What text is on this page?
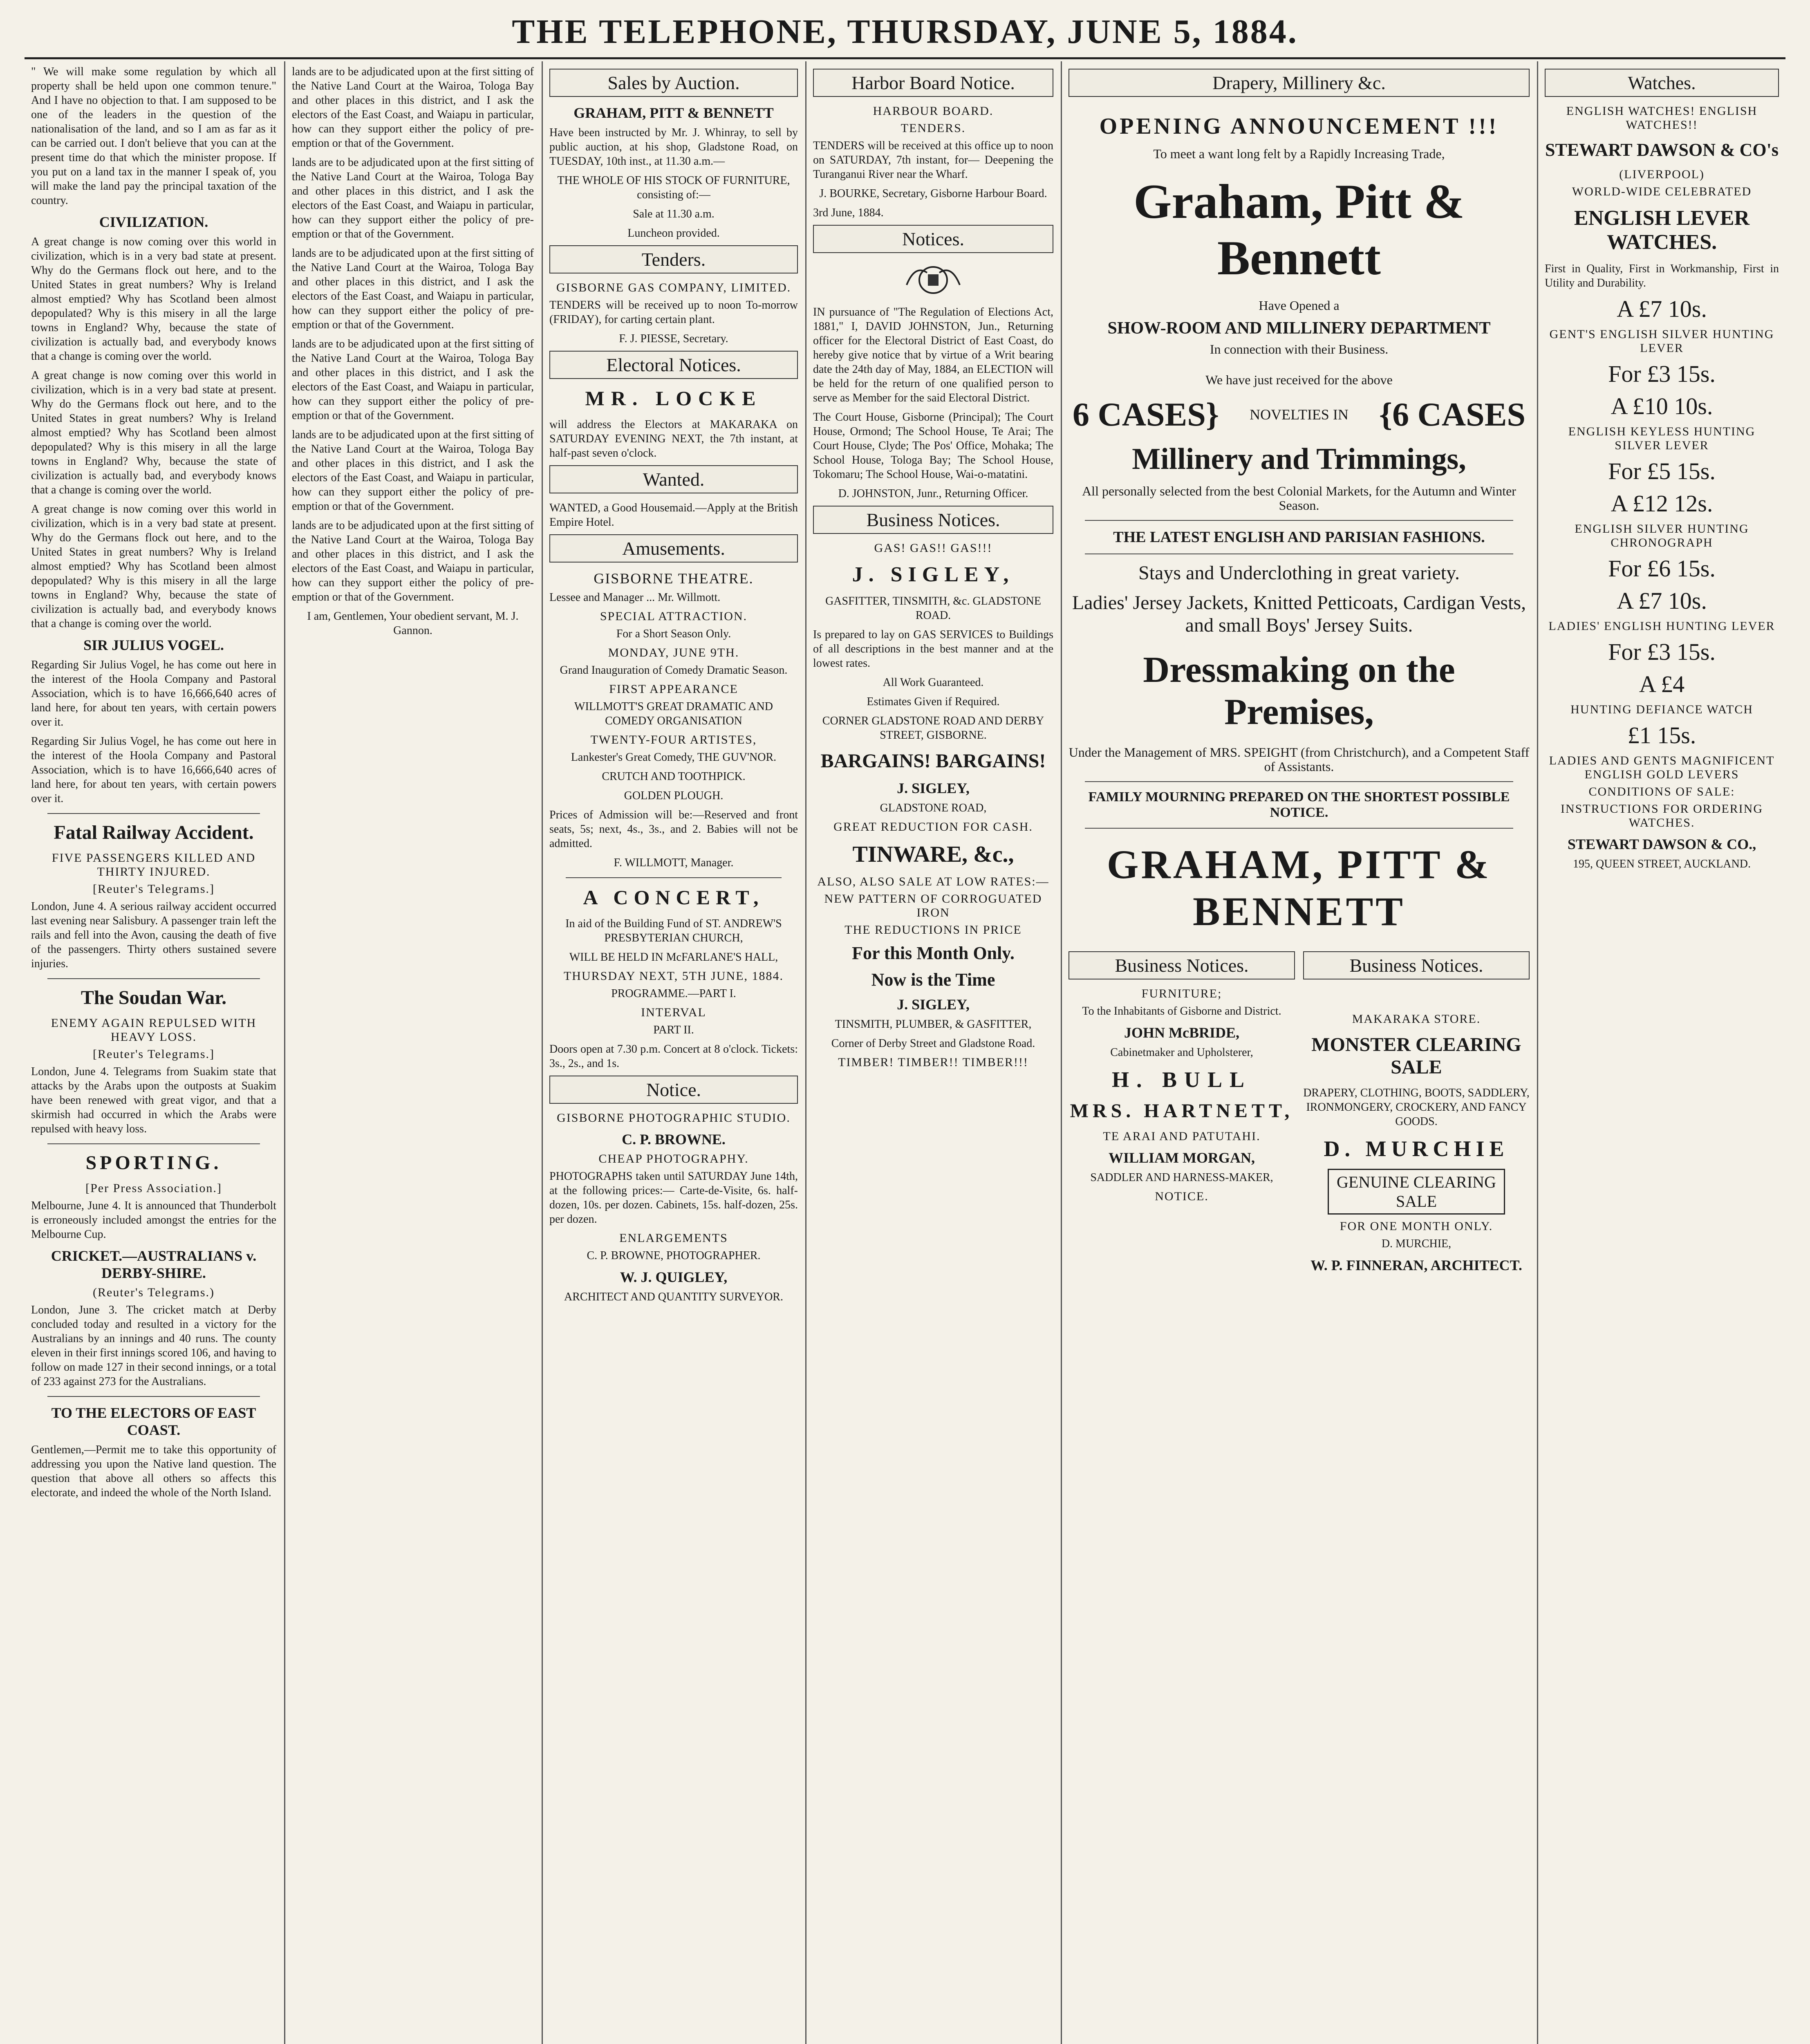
THE TELEPHONE, THURSDAY, JUNE 5, 1884.

" We will make some regulation by which all property shall be held upon one common tenure." And I have no objection to that. I am supposed to be one of the leaders in the question of the nationalisation of the land, and so I am as far as it can be carried out. I don't believe that you can at the present time do that which the minister propose. If you put on a land tax in the manner I speak of, you will make the land pay the principal taxation of the country.

CIVILIZATION.

A great change is now coming over this world in civilization, which is in a very bad state at present. Why do the Germans flock out here, and to the United States in great numbers? Why is Ireland almost emptied? Why has Scotland been almost depopulated? Why is this misery in all the large towns in England? Why, because the state of civilization is actually bad, and everybody knows that a change is coming over the world.

A great change is now coming over this world in civilization, which is in a very bad state at present. Why do the Germans flock out here, and to the United States in great numbers? Why is Ireland almost emptied? Why has Scotland been almost depopulated? Why is this misery in all the large towns in England? Why, because the state of civilization is actually bad, and everybody knows that a change is coming over the world.

A great change is now coming over this world in civilization, which is in a very bad state at present. Why do the Germans flock out here, and to the United States in great numbers? Why is Ireland almost emptied? Why has Scotland been almost depopulated? Why is this misery in all the large towns in England? Why, because the state of civilization is actually bad, and everybody knows that a change is coming over the world.

SIR JULIUS VOGEL.

Regarding Sir Julius Vogel, he has come out here in the interest of the Hoola Company and Pastoral Association, which is to have 16,666,640 acres of land here, for about ten years, with certain powers over it.

Regarding Sir Julius Vogel, he has come out here in the interest of the Hoola Company and Pastoral Association, which is to have 16,666,640 acres of land here, for about ten years, with certain powers over it.

Fatal Railway Accident.
FIVE PASSENGERS KILLED AND THIRTY INJURED.
[Reuter's Telegrams.]

London, June 4. A serious railway accident occurred last evening near Salisbury. A passenger train left the rails and fell into the Avon, causing the death of five of the passengers. Thirty others sustained severe injuries.

The Soudan War.
ENEMY AGAIN REPULSED WITH HEAVY LOSS.
[Reuter's Telegrams.]

London, June 4. Telegrams from Suakim state that attacks by the Arabs upon the outposts at Suakim have been renewed with great vigor, and that a skirmish had occurred in which the Arabs were repulsed with heavy loss.

SPORTING.
[Per Press Association.]

Melbourne, June 4. It is announced that Thunderbolt is erroneously included amongst the entries for the Melbourne Cup.

CRICKET.—AUSTRALIANS v. DERBY-SHIRE.
(Reuter's Telegrams.)

London, June 3. The cricket match at Derby concluded today and resulted in a victory for the Australians by an innings and 40 runs. The county eleven in their first innings scored 106, and having to follow on made 127 in their second innings, or a total of 233 against 273 for the Australians.

TO THE ELECTORS OF EAST COAST.

Gentlemen,—Permit me to take this opportunity of addressing you upon the Native land question. The question that above all others so affects this electorate, and indeed the whole of the North Island.

lands are to be adjudicated upon at the first sitting of the Native Land Court at the Wairoa, Tologa Bay and other places in this district, and I ask the electors of the East Coast, and Waiapu in particular, how can they support either the policy of pre-emption or that of the Government.

lands are to be adjudicated upon at the first sitting of the Native Land Court at the Wairoa, Tologa Bay and other places in this district, and I ask the electors of the East Coast, and Waiapu in particular, how can they support either the policy of pre-emption or that of the Government.

lands are to be adjudicated upon at the first sitting of the Native Land Court at the Wairoa, Tologa Bay and other places in this district, and I ask the electors of the East Coast, and Waiapu in particular, how can they support either the policy of pre-emption or that of the Government.

lands are to be adjudicated upon at the first sitting of the Native Land Court at the Wairoa, Tologa Bay and other places in this district, and I ask the electors of the East Coast, and Waiapu in particular, how can they support either the policy of pre-emption or that of the Government.

lands are to be adjudicated upon at the first sitting of the Native Land Court at the Wairoa, Tologa Bay and other places in this district, and I ask the electors of the East Coast, and Waiapu in particular, how can they support either the policy of pre-emption or that of the Government.

lands are to be adjudicated upon at the first sitting of the Native Land Court at the Wairoa, Tologa Bay and other places in this district, and I ask the electors of the East Coast, and Waiapu in particular, how can they support either the policy of pre-emption or that of the Government.

I am, Gentlemen, Your obedient servant, M. J. Gannon.

Sales by Auction.
GRAHAM, PITT & BENNETT

Have been instructed by Mr. J. Whinray, to sell by public auction, at his shop, Gladstone Road, on TUESDAY, 10th inst., at 11.30 a.m.—

THE WHOLE OF HIS STOCK OF FURNITURE, consisting of:—

Sale at 11.30 a.m.

Luncheon provided.

Tenders.
GISBORNE GAS COMPANY, LIMITED.

TENDERS will be received up to noon To-morrow (FRIDAY), for carting certain plant.

F. J. PIESSE, Secretary.

Electoral Notices.
MR. LOCKE

will address the Electors at MAKARAKA on SATURDAY EVENING NEXT, the 7th instant, at half-past seven o'clock.

Wanted.

WANTED, a Good Housemaid.—Apply at the British Empire Hotel.

Amusements.
GISBORNE THEATRE.

Lessee and Manager ... Mr. Willmott.

SPECIAL ATTRACTION.

For a Short Season Only.

MONDAY, JUNE 9TH.

Grand Inauguration of Comedy Dramatic Season.

FIRST APPEARANCE

WILLMOTT'S GREAT DRAMATIC AND COMEDY ORGANISATION

TWENTY-FOUR ARTISTES,

Lankester's Great Comedy, THE GUV'NOR.

CRUTCH AND TOOTHPICK.

GOLDEN PLOUGH.

Prices of Admission will be:—Reserved and front seats, 5s; next, 4s., 3s., and 2. Babies will not be admitted.

F. WILLMOTT, Manager.

A CONCERT,

In aid of the Building Fund of ST. ANDREW'S PRESBYTERIAN CHURCH,

WILL BE HELD IN McFARLANE'S HALL,

THURSDAY NEXT, 5TH JUNE, 1884.

PROGRAMME.—PART I.

INTERVAL

PART II.

Doors open at 7.30 p.m. Concert at 8 o'clock. Tickets: 3s., 2s., and 1s.

Notice.
GISBORNE PHOTOGRAPHIC STUDIO.
C. P. BROWNE.
CHEAP PHOTOGRAPHY.

PHOTOGRAPHS taken until SATURDAY June 14th, at the following prices:— Carte-de-Visite, 6s. half-dozen, 10s. per dozen. Cabinets, 15s. half-dozen, 25s. per dozen.

ENLARGEMENTS

C. P. BROWNE, PHOTOGRAPHER.

W. J. QUIGLEY,

ARCHITECT AND QUANTITY SURVEYOR.

Harbor Board Notice.
HARBOUR BOARD.
TENDERS.

TENDERS will be received at this office up to noon on SATURDAY, 7th instant, for— Deepening the Turanganui River near the Wharf.

J. BOURKE, Secretary, Gisborne Harbour Board.

3rd June, 1884.

Notices.

IN pursuance of "The Regulation of Elections Act, 1881," I, DAVID JOHNSTON, Jun., Returning officer for the Electoral District of East Coast, do hereby give notice that by virtue of a Writ bearing date the 24th day of May, 1884, an ELECTION will be held for the return of one qualified person to serve as Member for the said Electoral District.

The Court House, Gisborne (Principal); The Court House, Ormond; The School House, Te Arai; The Court House, Clyde; The Pos' Office, Mohaka; The School House, Tologa Bay; The School House, Tokomaru; The School House, Wai-o-matatini.

D. JOHNSTON, Junr., Returning Officer.

Business Notices.
GAS! GAS!! GAS!!!
J. SIGLEY,

GASFITTER, TINSMITH, &c. GLADSTONE ROAD.

Is prepared to lay on GAS SERVICES to Buildings of all descriptions in the best manner and at the lowest rates.

All Work Guaranteed.

Estimates Given if Required.

CORNER GLADSTONE ROAD AND DERBY STREET, GISBORNE.

BARGAINS! BARGAINS!
J. SIGLEY,

GLADSTONE ROAD,

GREAT REDUCTION FOR CASH.
TINWARE, &c.,
ALSO, ALSO SALE AT LOW RATES:—
NEW PATTERN OF CORROGUATED IRON
THE REDUCTIONS IN PRICE
For this Month Only.
Now is the Time
J. SIGLEY,

TINSMITH, PLUMBER, & GASFITTER,

Corner of Derby Street and Gladstone Road.

TIMBER! TIMBER!! TIMBER!!!
Drapery, Millinery &c.
OPENING ANNOUNCEMENT !!!

To meet a want long felt by a Rapidly Increasing Trade,

Graham, Pitt & Bennett

Have Opened a

SHOW-ROOM AND MILLINERY DEPARTMENT

In connection with their Business.

We have just received for the above

6 CASES} NOVELTIES IN {6 CASES
Millinery and Trimmings,

All personally selected from the best Colonial Markets, for the Autumn and Winter Season.

THE LATEST ENGLISH AND PARISIAN FASHIONS.
Stays and Underclothing in great variety.
Ladies' Jersey Jackets, Knitted Petticoats, Cardigan Vests, and small Boys' Jersey Suits.
Dressmaking on the Premises,

Under the Management of MRS. SPEIGHT (from Christchurch), and a Competent Staff of Assistants.

FAMILY MOURNING PREPARED ON THE SHORTEST POSSIBLE NOTICE.
GRAHAM, PITT & BENNETT
Business Notices.
FURNITURE;

To the Inhabitants of Gisborne and District.

JOHN McBRIDE,

Cabinetmaker and Upholsterer,

H. BULL
MRS. HARTNETT,
TE ARAI AND PATUTAHI.
WILLIAM MORGAN,

SADDLER AND HARNESS-MAKER,

NOTICE.
Business Notices.
MAKARAKA STORE.
MONSTER CLEARING SALE

DRAPERY, CLOTHING, BOOTS, SADDLERY, IRONMONGERY, CROCKERY, AND FANCY GOODS.

D. MURCHIE
GENUINE CLEARING SALE
FOR ONE MONTH ONLY.

D. MURCHIE,

W. P. FINNERAN, ARCHITECT.
Watches.
ENGLISH WATCHES! ENGLISH WATCHES!!
STEWART DAWSON & CO's
(LIVERPOOL)
WORLD-WIDE CELEBRATED
ENGLISH LEVER WATCHES.

First in Quality, First in Workmanship, First in Utility and Durability.

A £7 10s.
GENT'S ENGLISH SILVER HUNTING LEVER
For £3 15s.
A £10 10s.
ENGLISH KEYLESS HUNTING SILVER LEVER
For £5 15s.
A £12 12s.
ENGLISH SILVER HUNTING CHRONOGRAPH
For £6 15s.
A £7 10s.
LADIES' ENGLISH HUNTING LEVER
For £3 15s.
A £4
HUNTING DEFIANCE WATCH
£1 15s.
LADIES AND GENTS MAGNIFICENT ENGLISH GOLD LEVERS
CONDITIONS OF SALE:
INSTRUCTIONS FOR ORDERING WATCHES.
STEWART DAWSON & CO.,

195, QUEEN STREET, AUCKLAND.
